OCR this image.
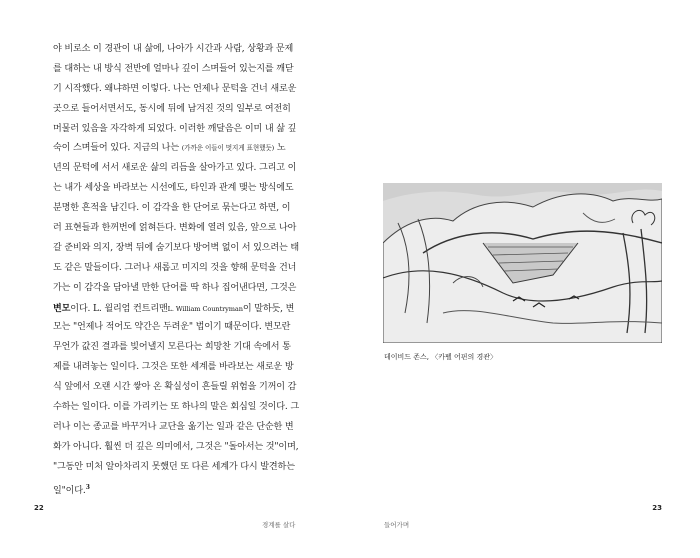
야 비로소 이 경관이 내 삶에, 나아가 시간과 사람, 상황과 문제
를 대하는 내 방식 전반에 얼마나 깊이 스며들어 있는지를 깨닫
기 시작했다. 왜냐하면 이렇다. 나는 언제나 문턱을 건너 새로운
곳으로 들어서면서도, 동시에 뒤에 남겨진 것의 일부로 여전히
머물러 있음을 자각하게 되었다. 이러한 깨달음은 이미 내 삶 깊
숙이 스며들어 있다. 지금의 나는 (가까운 이들이 멋지게 표현했듯) 노
년의 문턱에 서서 새로운 삶의 리듬을 살아가고 있다. 그리고 이
는 내가 세상을 바라보는 시선에도, 타인과 관계 맺는 방식에도
분명한 흔적을 남긴다. 이 감각을 한 단어로 묶는다고 하면, 이
러 표현들과 한꺼번에 얽혀든다. 변화에 열려 있음, 앞으로 나아
갈 준비와 의지, 장벽 뒤에 숨기보다 방어벽 없이 서 있으려는 태
도 같은 말들이다. 그러나 새롭고 미지의 것을 향해 문턱을 건너
가는 이 감각을 담아낼 만한 단어를 딱 하나 집어낸다면, 그것은
변모이다. L. 윌리엄 컨트리맨L. William Countryman이 말하듯, 변
모는 "언제나 적어도 약간은 두려운" 법이기 때문이다. 변모란
무언가 값진 결과를 빚어낼지 모른다는 희망찬 기대 속에서 통
제를 내려놓는 일이다. 그것은 또한 세계를 바라보는 새로운 방
식 앞에서 오랜 시간 쌓아 온 확실성이 흔들릴 위험을 기꺼이 감
수하는 일이다. 이를 가리키는 또 하나의 말은 회심일 것이다. 그
러나 이는 종교를 바꾸거나 교단을 옮기는 일과 같은 단순한 변
화가 아니다. 훨씬 더 깊은 의미에서, 그것은 "돌아서는 것"이며,
"그동안 미처 알아차리지 못했던 또 다른 세계가 다시 발견하는
일"이다.$^3$
22
경계를 살다
데이비드 존스, 〈카펠 어핀의 경관〉
23
들어가며
